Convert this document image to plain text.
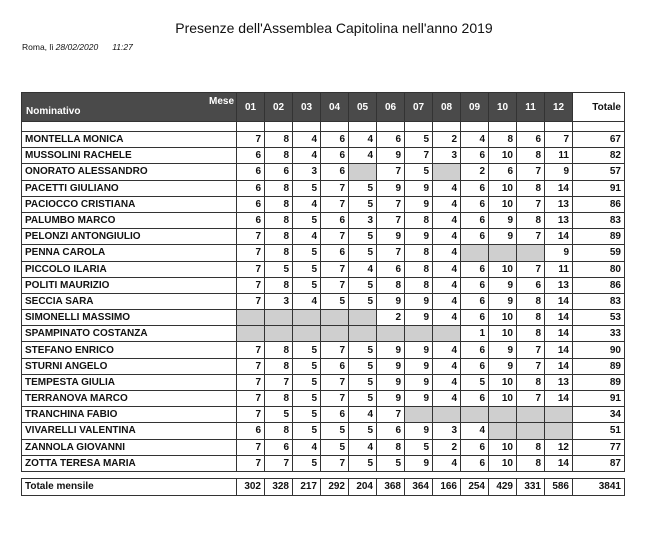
Presenze dell'Assemblea Capitolina nell'anno 2019
Roma, lì 28/02/2020 11:27
Nominativo
Mese	01	02	03	04	05	06	07	08	09	10	11	12	Totale

MONTELLA MONICA	7	8	4	6	4	6	5	2	4	8	6	7	67
MUSSOLINI RACHELE	6	8	4	6	4	9	7	3	6	10	8	11	82
ONORATO ALESSANDRO	6	6	3	6		7	5		2	6	7	9	57
PACETTI GIULIANO	6	8	5	7	5	9	9	4	6	10	8	14	91
PACIOCCO CRISTIANA	6	8	4	7	5	7	9	4	6	10	7	13	86
PALUMBO MARCO	6	8	5	6	3	7	8	4	6	9	8	13	83
PELONZI ANTONGIULIO	7	8	4	7	5	9	9	4	6	9	7	14	89
PENNA CAROLA	7	8	5	6	5	7	8	4				9	59
PICCOLO ILARIA	7	5	5	7	4	6	8	4	6	10	7	11	80
POLITI MAURIZIO	7	8	5	7	5	8	8	4	6	9	6	13	86
SECCIA SARA	7	3	4	5	5	9	9	4	6	9	8	14	83
SIMONELLI MASSIMO						2	9	4	6	10	8	14	53
SPAMPINATO COSTANZA									1	10	8	14	33
STEFANO ENRICO	7	8	5	7	5	9	9	4	6	9	7	14	90
STURNI ANGELO	7	8	5	6	5	9	9	4	6	9	7	14	89
TEMPESTA GIULIA	7	7	5	7	5	9	9	4	5	10	8	13	89
TERRANOVA MARCO	7	8	5	7	5	9	9	4	6	10	7	14	91
TRANCHINA FABIO	7	5	5	6	4	7							34
VIVARELLI VALENTINA	6	8	5	5	5	6	9	3	4				51
ZANNOLA GIOVANNI	7	6	4	5	4	8	5	2	6	10	8	12	77
ZOTTA TERESA MARIA	7	7	5	7	5	5	9	4	6	10	8	14	87

Totale mensile	302	328	217	292	204	368	364	166	254	429	331	586	3841
